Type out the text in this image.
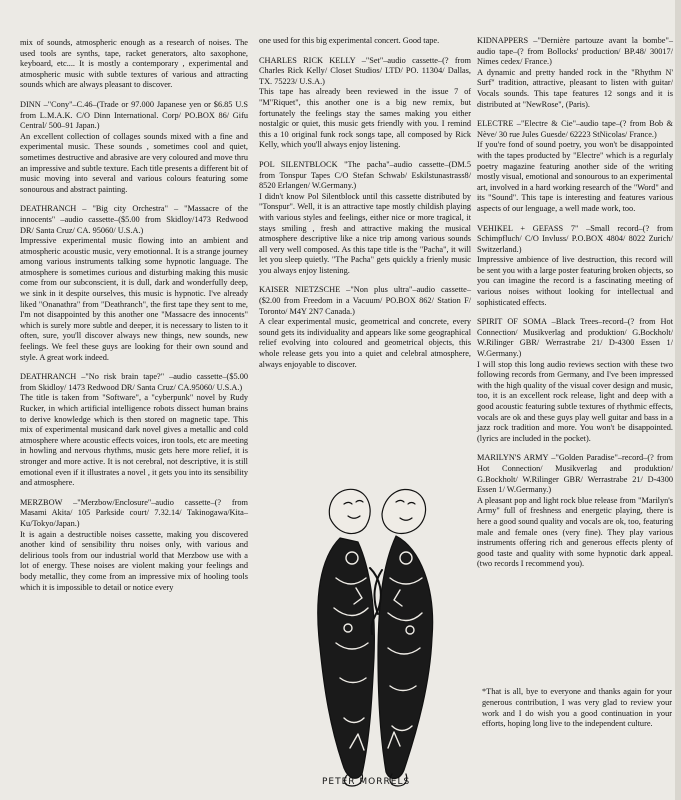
mix of sounds, atmospheric enough as a research of noises. The used tools are synths, tape, racket generators, alto saxophone, keyboard, etc.... It is mostly a contemporary , experimental and atmospheric music with subtle textures of various and attracting sounds which are always pleasant to discover.

DINN –"Cony"–C.46–(Trade or 97.000 Japanese yen or $6.85 U.S from L.M.A.K. C/O Dinn International. Corp/ PO.BOX 86/ Gifu Central/ 500–91 Japan.)

An excellent collection of collages sounds mixed with a fine and experimental music. These sounds , sometimes cool and quiet, sometimes destructive and abrasive are very coloured and move thru an impressive and subtle texture. Each title presents a different bit of music moving into several and various colours featuring some sonourous and abstract painting.

DEATHRANCH – "Big city Orchestra" – "Massacre of the innocents" –audio cassette–($5.00 from Skidloy/1473 Redwood DR/ Santa Cruz/ CA. 95060/ U.S.A.)

Impressive experimental music flowing into an ambient and atmospheric acoustic music, very emotionnal. It is a strange journey among various instruments talking some hypnotic language. The atmosphere is sometimes curious and disturbing making this music come from our subconscient, it is dull, dark and wonderfully deep, we sink in it despite ourselves, this music is hypnotic. I've already liked "Onanathra" from "Deathranch", the first tape they sent to me, I'm not disappointed by this another one "Massacre des innocents" which is surely more subtle and deeper, it is necessary to listen to it often, sure, you'll discover always new things, new sounds, new feelings. We feel these guys are looking for their own sound and style. A great work indeed.

DEATHRANCH –"No risk brain tape?" –audio cassette–($5.00 from Skidloy/ 1473 Redwood DR/ Santa Cruz/ CA.95060/ U.S.A.)

The title is taken from "Software", a "cyberpunk" novel by Rudy Rucker, in which artificial intelligence robots dissect human brains to derive knowledge which is then stored on magnetic tape. This mix of experimental musicand dark novel gives a metallic and cold atmosphere where acoustic effects voices, iron tools, etc are meeting in howling and nervous rhythms, music gets here more relief, it is stronger and more active. It is not cerebral, not descriptive, it is still emotional even if it illustrates a novel , it gets you into its sensibility and atmosphere.

MERZBOW –"Merzbow/Enclosure"–audio cassette–(? from Masami Akita/ 105 Parkside court/ 7.32.14/ Takinogawa/Kita–Ku/Tokyo/Japan.)

It is again a destructible noises cassette, making you discovered another kind of sensibility thru noises only, with various and delirious tools from our industrial world that Merzbow use with a lot of energy. These noises are violent making your feelings and body metallic, they come from an impressive mix of hooling tools which it is impossible to detail or notice every

one used for this big experimental concert. Good tape.

CHARLES RICK KELLY –"Set"–audio cassette–(? from Charles Rick Kelly/ Closet Studios/ LTD/ PO. 11304/ Dallas, TX. 75223/ U.S.A.)

This tape has already been reviewed in the issue 7 of "M"Riquet", this another one is a big new remix, but fortunately the feelings stay the sames making you either nostalgic or quiet, this music gets friendly with you. I remind this a 10 original funk rock songs tape, all composed by Rick Kelly, which you'll always enjoy listening.

POL SILENTBLOCK "The pacha"–audio cassette–(DM.5 from Tonspur Tapes C/O Stefan Schwab/ Eskilstunastrass8/ 8520 Erlangen/ W.Germany.)

I didn't know Pol Silentblock until this cassette distributed by "Tonspur". Well, it is an attractive tape mostly childish playing with various styles and feelings, either nice or more tragical, it stays smiling , fresh and attractive making the musical atmosphere descriptive like a nice trip among various sounds all very well composed. As this tape title is the "Pacha", it will let you sleep quietly. "The Pacha" gets quickly a frienly music you always enjoy listening.

KAISER NIETZSCHE –"Non plus ultra"–audio cassette–($2.00 from Freedom in a Vacuum/ PO.BOX 862/ Station F/ Toronto/ M4Y 2N7 Canada.)

A clear experimental music, geometrical and concrete, every sound gets its individuality and appears like some geographical relief evolving into coloured and geometrical objects, this whole release gets you into a quiet and celebral atmosphere, always enjoyable to discover.

KIDNAPPERS –"Dernière partouze avant la bombe"–audio tape–(? from Bollocks' production/ BP.48/ 30017/ Nimes cedex/ France.)

A dynamic and pretty handed rock in the "Rhythm N' Surf" tradition, attractive, pleasant to listen with guitar/ Vocals sounds. This tape features 12 songs and it is distributed at "NewRose", (Paris).

ELECTRE –"Electre & Cie"–audio tape–(? from Bob & Nève/ 30 rue Jules Guesde/ 62223 StNicolas/ France.)

If you're fond of sound poetry, you won't be disappointed with the tapes producted by "Electre" which is a regurlaly poetry magazine featuring another side of the writing mostly visual, emotional and sonourous to an experimental art, involved in a hard working research of the "Word" and its "Sound". This tape is interesting and features various aspects of our lenguage, a well made work, too.

VEHIKEL + GEFASS 7" –Small record–(? from Schimpfluch/ C/O Invluss/ P.O.BOX 4804/ 8022 Zurich/ Switzerland.)

Impressive ambience of live destruction, this record will be sent you with a large poster featuring broken objects, so you can imagine the record is a fascinating meeting of various noises without looking for intellectual and sophisticated effects.

SPIRIT OF SOMA –Black Trees–record–(? from Hot Connection/ Musikverlag and produktion/ G.Bockholt/ W.Rilinger GBR/ Werrastrabe 21/ D-4300 Essen 1/ W.Germany.)

I will stop this long audio reviews section with these two following records from Germany, and I've been impressed with the high quality of the visual cover design and music, too, it is an excellent rock release, light and deep with a good acoustic featuring subtle textures of rhythmic effects, vocals are ok and these guys play well guitar and bass in a jazz rock tradition and more. You won't be disappointed. (lyrics are included in the pocket).

MARILYN'S ARMY –"Golden Paradise"–record–(? from Hot Connection/ Musikverlag and produktion/ G.Bockholt/ W.Rilinger GBR/ Werrastrabe 21/ D-4300 Essen 1/ W.Germany.)

A pleasant pop and light rock blue release from "Marilyn's Army" full of freshness and energetic playing, there is here a good sound quality and vocals are ok, too, featuring male and female ones (very fine). They play various instruments offering rich and generous effects plenty of good taste and quality with some hypnotic dark appeal. (two records I recommend you).

*That is all, bye to everyone and thanks again for your generous contribution, I was very glad to review your work and I do wish you a good continuation in your efforts, hoping long live to the independent culture.
PETER MORRELS
